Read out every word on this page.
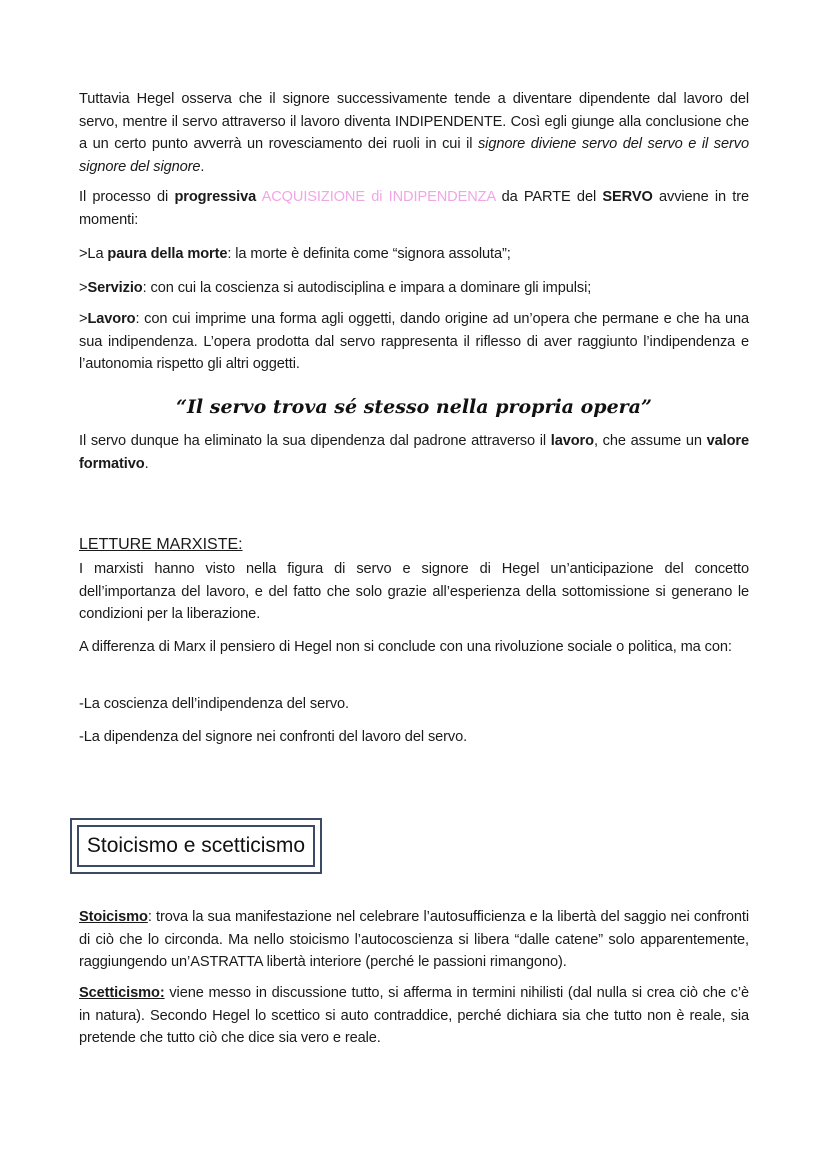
Tuttavia Hegel osserva che il signore successivamente tende a diventare dipendente dal lavoro del servo, mentre il servo attraverso il lavoro diventa INDIPENDENTE. Così egli giunge alla conclusione che a un certo punto avverrà un rovesciamento dei ruoli in cui il signore diviene servo del servo e il servo signore del signore.

Il processo di progressiva ACQUISIZIONE di INDIPENDENZA da PARTE del SERVO avviene in tre momenti:

>La paura della morte: la morte è definita come “signora assoluta”;

>Servizio: con cui la coscienza si autodisciplina e impara a dominare gli impulsi;

>Lavoro: con cui imprime una forma agli oggetti, dando origine ad un’opera che permane e che ha una sua indipendenza. L’opera prodotta dal servo rappresenta il riflesso di aver raggiunto l’indipendenza e l’autonomia rispetto gli altri oggetti.

“Il servo trova sé stesso nella propria opera”

Il servo dunque ha eliminato la sua dipendenza dal padrone attraverso il lavoro, che assume un valore formativo.

LETTURE MARXISTE:

I marxisti hanno visto nella figura di servo e signore di Hegel un’anticipazione del concetto dell’importanza del lavoro, e del fatto che solo grazie all’esperienza della sottomissione si generano le condizioni per la liberazione.

A differenza di Marx il pensiero di Hegel non si conclude con una rivoluzione sociale o politica, ma con:

-La coscienza dell’indipendenza del servo.

-La dipendenza del signore nei confronti del lavoro del servo.

Stoicismo e scetticismo

Stoicismo: trova la sua manifestazione nel celebrare l’autosufficienza e la libertà del saggio nei confronti di ciò che lo circonda. Ma nello stoicismo l’autocoscienza si libera “dalle catene” solo apparentemente, raggiungendo un’ASTRATTA libertà interiore (perché le passioni rimangono).

Scetticismo: viene messo in discussione tutto, si afferma in termini nihilisti (dal nulla si crea ciò che c’è in natura). Secondo Hegel lo scettico si auto contraddice, perché dichiara sia che tutto non è reale, sia pretende che tutto ciò che dice sia vero e reale.
